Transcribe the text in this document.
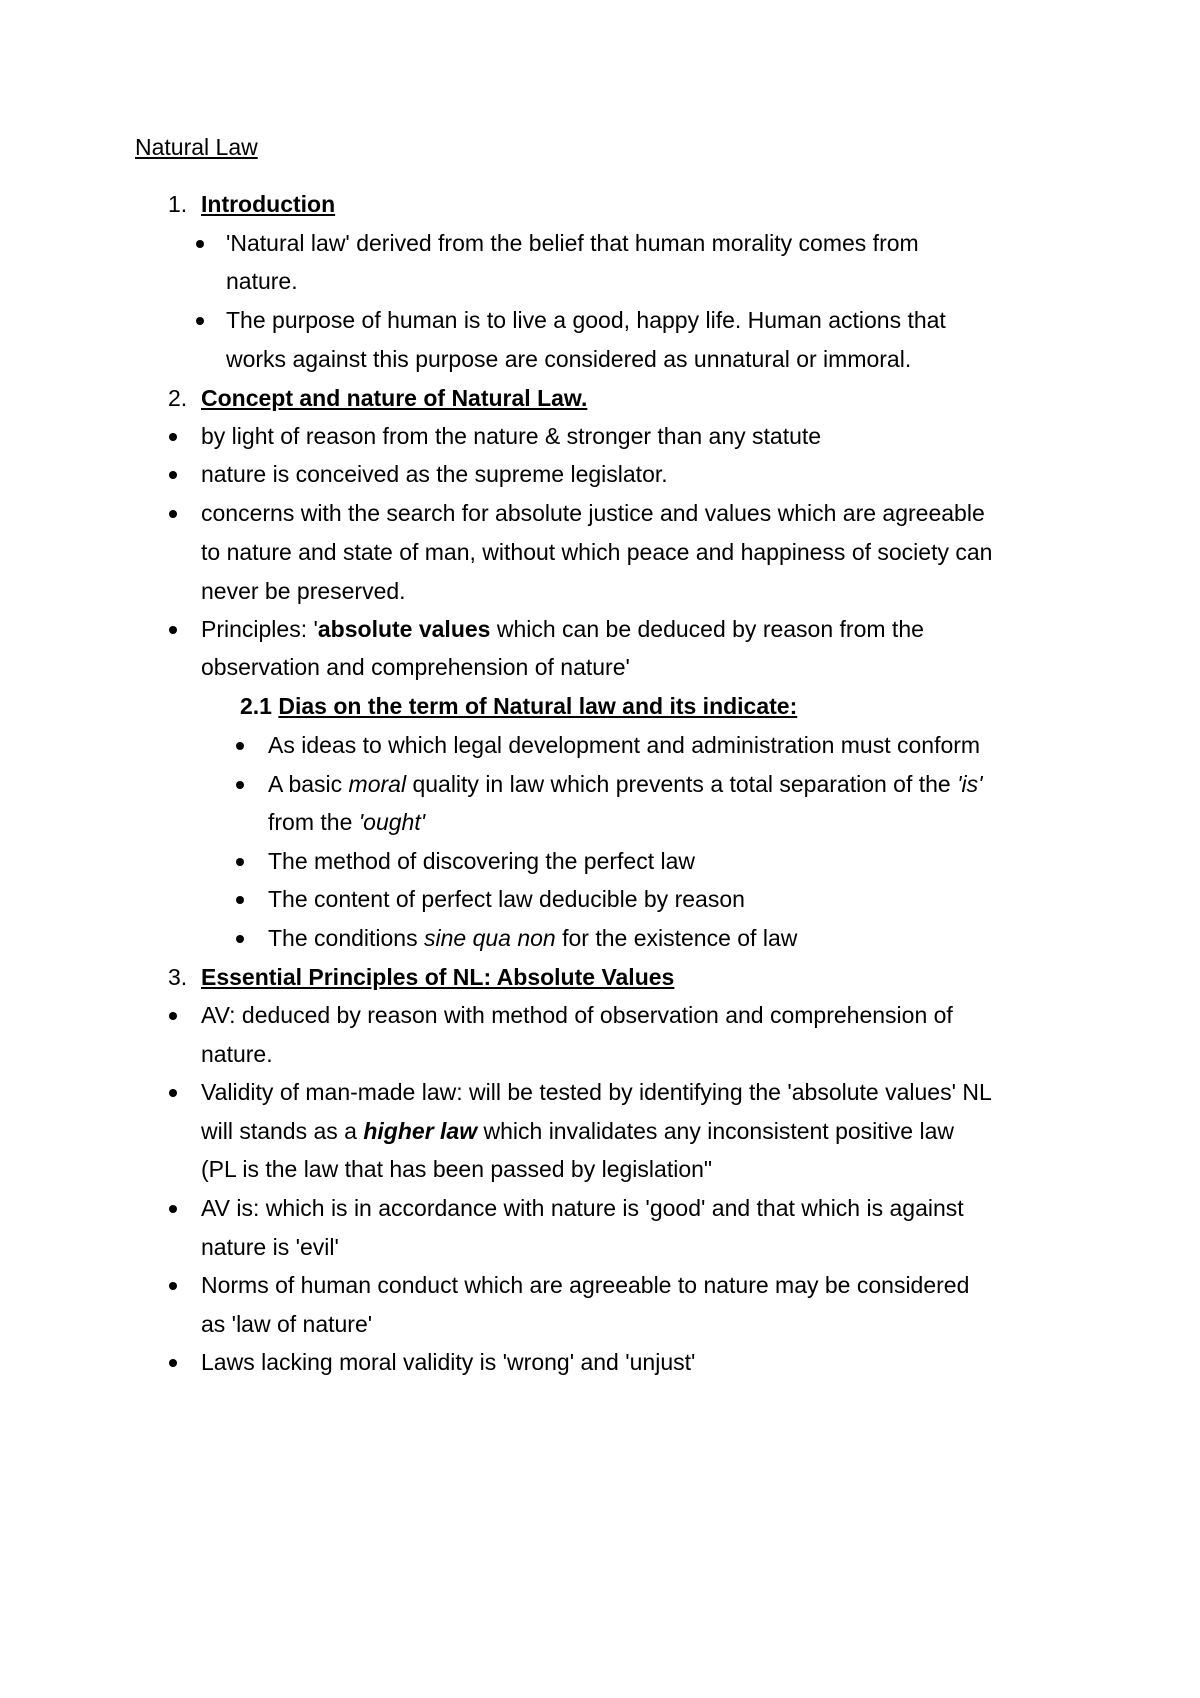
Natural Law
1. Introduction
'Natural law' derived from the belief that human morality comes from
nature.
The purpose of human is to live a good, happy life. Human actions that
works against this purpose are considered as unnatural or immoral.
2. Concept and nature of Natural Law.
by light of reason from the nature & stronger than any statute
nature is conceived as the supreme legislator.
concerns with the search for absolute justice and values which are agreeable
to nature and state of man, without which peace and happiness of society can
never be preserved.
Principles: 'absolute values which can be deduced by reason from the
observation and comprehension of nature'
2.1 Dias on the term of Natural law and its indicate:
As ideas to which legal development and administration must conform
A basic moral quality in law which prevents a total separation of the 'is'
from the 'ought'
The method of discovering the perfect law
The content of perfect law deducible by reason
The conditions sine qua non for the existence of law
3. Essential Principles of NL: Absolute Values
AV: deduced by reason with method of observation and comprehension of
nature.
Validity of man-made law: will be tested by identifying the 'absolute values' NL
will stands as a higher law which invalidates any inconsistent positive law
(PL is the law that has been passed by legislation"
AV is: which is in accordance with nature is 'good' and that which is against
nature is 'evil'
Norms of human conduct which are agreeable to nature may be considered
as 'law of nature'
Laws lacking moral validity is 'wrong' and 'unjust'
